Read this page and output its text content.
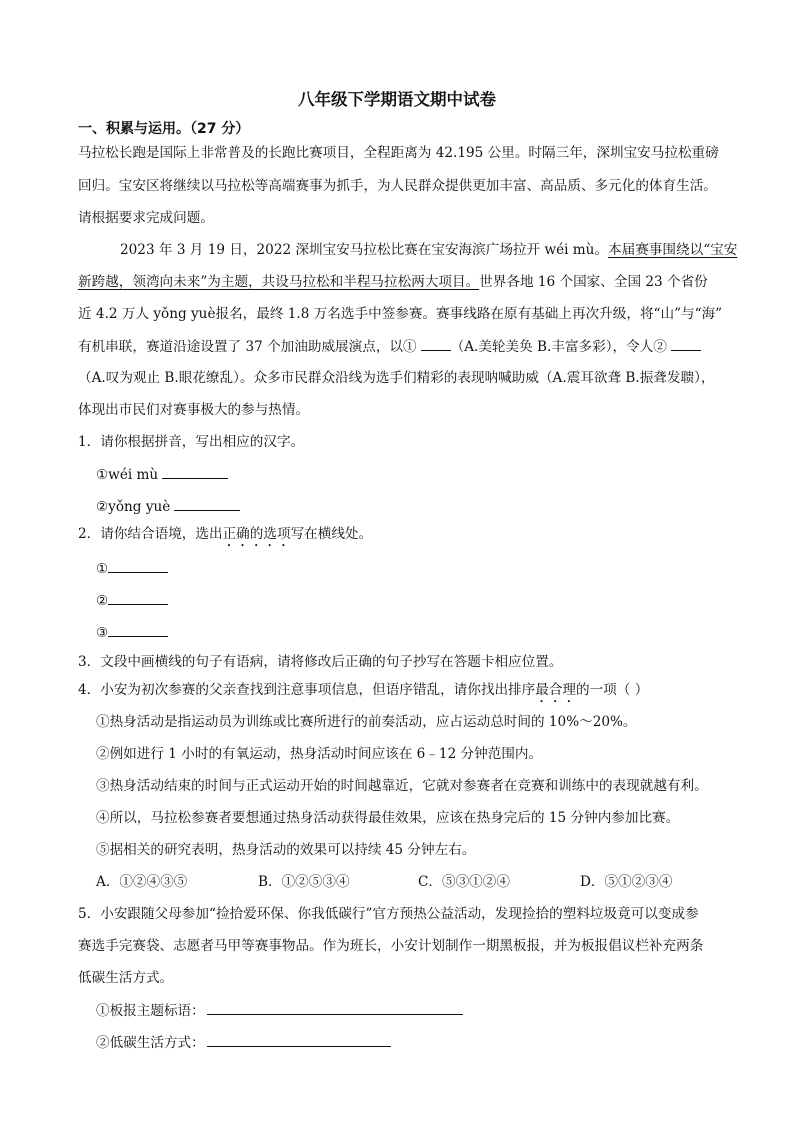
八年级下学期语文期中试卷
一、积累与运用。（27 分）
马拉松长跑是国际上非常普及的长跑比赛项目，全程距离为 42.195 公里。时隔三年，深圳宝安马拉松重磅
回归。宝安区将继续以马拉松等高端赛事为抓手，为人民群众提供更加丰富、高品质、多元化的体育生活。
请根据要求完成问题。
2023 年 3 月 19 日，2022 深圳宝安马拉松比赛在宝安海滨广场拉开 wéi mù。本届赛事围绕以“宝安
新跨越，领湾向未来”为主题，共设马拉松和半程马拉松两大项目。世界各地 16 个国家、全国 23 个省份
近 4.2 万人 yǒng yuè报名，最终 1.8 万名选手中签参赛。赛事线路在原有基础上再次升级，将“山”与“海”
有机串联，赛道沿途设置了 37 个加油助威展演点，以①	（A.美轮美奂 B.丰富多彩），令人②
（A.叹为观止 B.眼花缭乱）。众多市民群众沿线为选手们精彩的表现呐喊助威（A.震耳欲聋 B.振聋发聩），
体现出市民们对赛事极大的参与热情。
1．请你根据拼音，写出相应的汉字。
①wéi mù
②yǒng yuè
2．请你结合语境，选出正确的选项写在横线处。
①
②
③
3．文段中画横线的句子有语病，请将修改后正确的句子抄写在答题卡相应位置。
4．小安为初次参赛的父亲查找到注意事项信息，但语序错乱，请你找出排序最合理的一项（ ）
①热身活动是指运动员为训练或比赛所进行的前奏活动，应占运动总时间的 10%～20%。
②例如进行 1 小时的有氧运动，热身活动时间应该在 6﹣12 分钟范围内。
③热身活动结束的时间与正式运动开始的时间越靠近，它就对参赛者在竞赛和训练中的表现就越有利。
④所以，马拉松参赛者要想通过热身活动获得最佳效果，应该在热身完后的 15 分钟内参加比赛。
⑤据相关的研究表明，热身活动的效果可以持续 45 分钟左右。
A．①②④③⑤	B．①②⑤③④	C．⑤③①②④	D．⑤①②③④
5．小安跟随父母参加“捡拾爱环保、你我低碳行”官方预热公益活动，发现捡拾的塑料垃圾竟可以变成参
赛选手完赛袋、志愿者马甲等赛事物品。作为班长，小安计划制作一期黑板报，并为板报倡议栏补充两条
低碳生活方式。
①板报主题标语：
②低碳生活方式：
